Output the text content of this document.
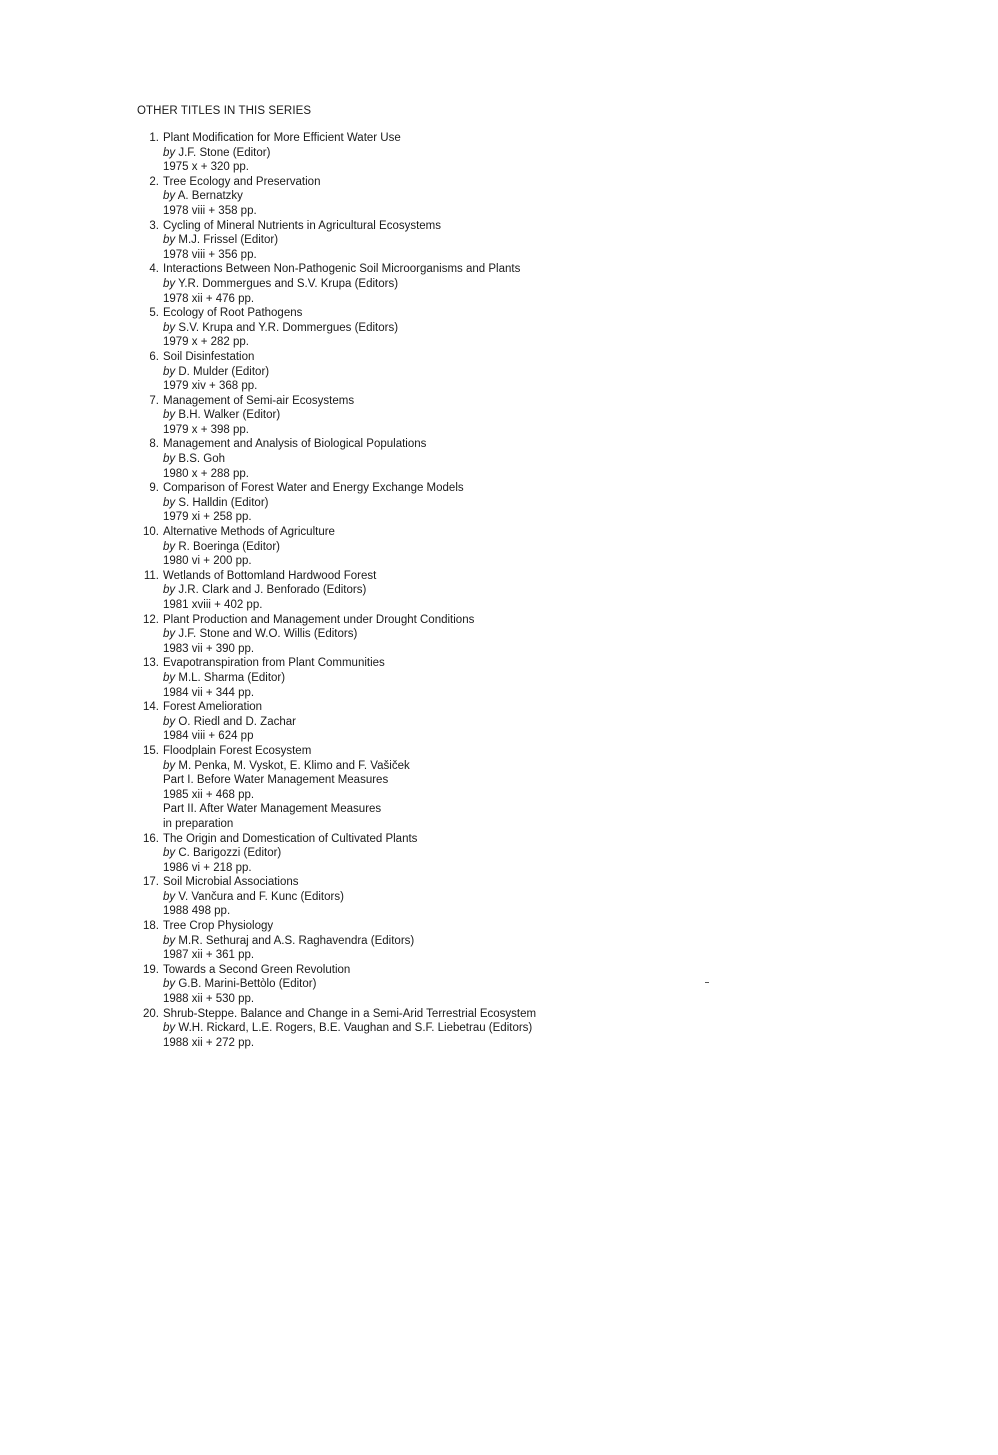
OTHER TITLES IN THIS SERIES
1. Plant Modification for More Efficient Water Use
by J.F. Stone (Editor)
1975 x + 320 pp.
2. Tree Ecology and Preservation
by A. Bernatzky
1978 viii + 358 pp.
3. Cycling of Mineral Nutrients in Agricultural Ecosystems
by M.J. Frissel (Editor)
1978 viii + 356 pp.
4. Interactions Between Non-Pathogenic Soil Microorganisms and Plants
by Y.R. Dommergues and S.V. Krupa (Editors)
1978 xii + 476 pp.
5. Ecology of Root Pathogens
by S.V. Krupa and Y.R. Dommergues (Editors)
1979 x + 282 pp.
6. Soil Disinfestation
by D. Mulder (Editor)
1979 xiv + 368 pp.
7. Management of Semi-air Ecosystems
by B.H. Walker (Editor)
1979 x + 398 pp.
8. Management and Analysis of Biological Populations
by B.S. Goh
1980 x + 288 pp.
9. Comparison of Forest Water and Energy Exchange Models
by S. Halldin (Editor)
1979 xi + 258 pp.
10. Alternative Methods of Agriculture
by R. Boeringa (Editor)
1980 vi + 200 pp.
11. Wetlands of Bottomland Hardwood Forest
by J.R. Clark and J. Benforado (Editors)
1981 xviii + 402 pp.
12. Plant Production and Management under Drought Conditions
by J.F. Stone and W.O. Willis (Editors)
1983 vii + 390 pp.
13. Evapotranspiration from Plant Communities
by M.L. Sharma (Editor)
1984 vii + 344 pp.
14. Forest Amelioration
by O. Riedl and D. Zachar
1984 viii + 624 pp
15. Floodplain Forest Ecosystem
by M. Penka, M. Vyskot, E. Klimo and F. Vašiček
Part I. Before Water Management Measures
1985 xii + 468 pp.
Part II. After Water Management Measures
in preparation
16. The Origin and Domestication of Cultivated Plants
by C. Barigozzi (Editor)
1986 vi + 218 pp.
17. Soil Microbial Associations
by V. Vančura and F. Kunc (Editors)
1988 498 pp.
18. Tree Crop Physiology
by M.R. Sethuraj and A.S. Raghavendra (Editors)
1987 xii + 361 pp.
19. Towards a Second Green Revolution
by G.B. Marini-Bettòlo (Editor)
1988 xii + 530 pp.
20. Shrub-Steppe. Balance and Change in a Semi-Arid Terrestrial Ecosystem
by W.H. Rickard, L.E. Rogers, B.E. Vaughan and S.F. Liebetrau (Editors)
1988 xii + 272 pp.
